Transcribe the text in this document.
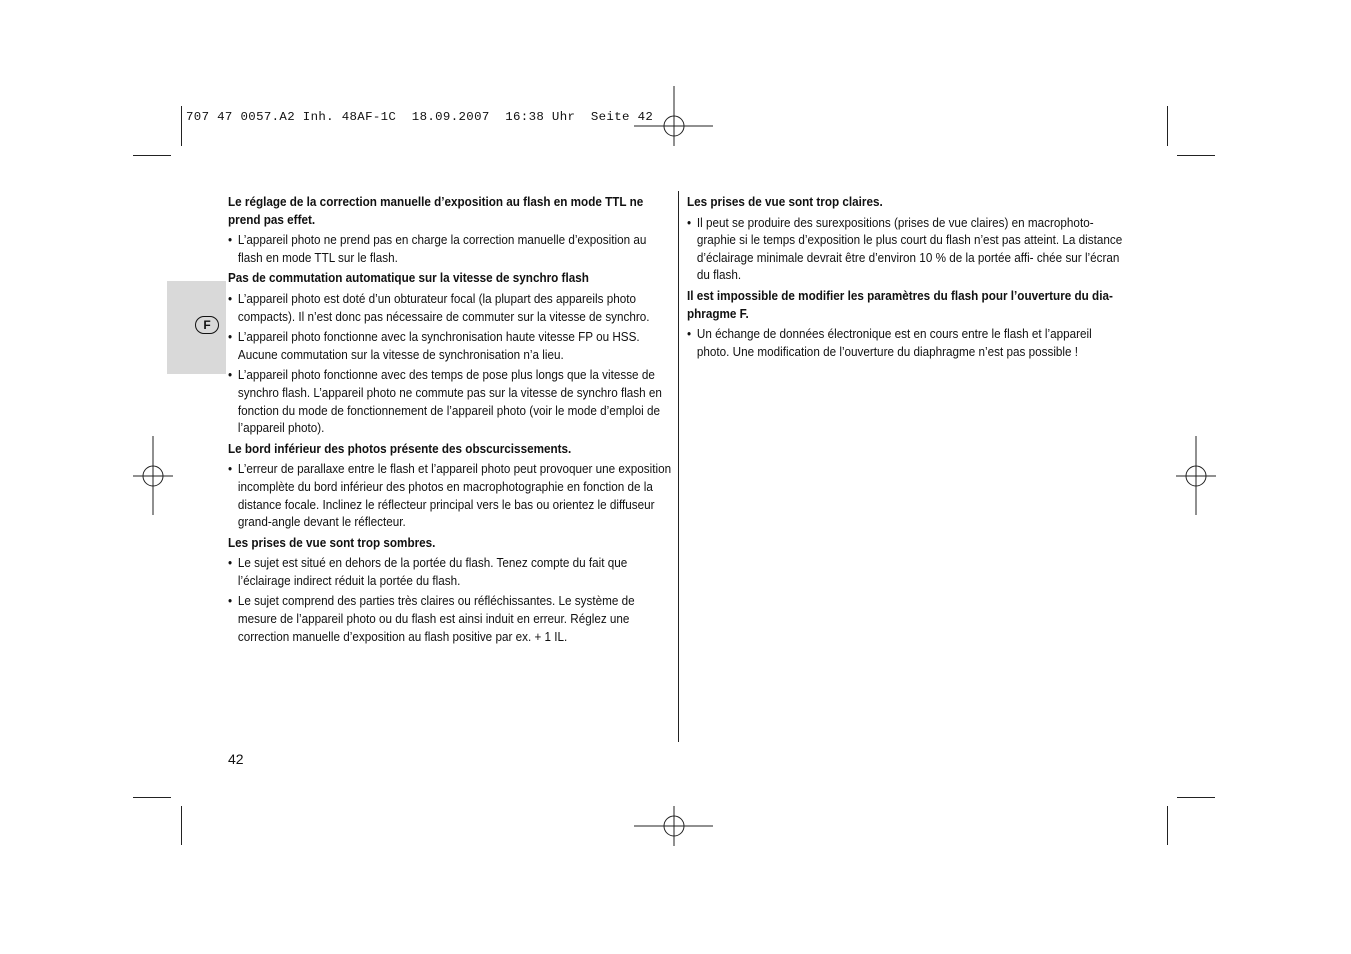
707 47 0057.A2 Inh. 48AF-1C  18.09.2007  16:38 Uhr  Seite 42
F

Le réglage de la correction manuelle d’exposition au flash en mode TTL ne prend pas effet.

• L’appareil photo ne prend pas en charge la correction manuelle d’exposition au flash en mode TTL sur le flash.

Pas de commutation automatique sur la vitesse de synchro flash

• L’appareil photo est doté d’un obturateur focal (la plupart des appareils photo compacts). Il n’est donc pas nécessaire de commuter sur la vitesse de synchro.

• L’appareil photo fonctionne avec la synchronisation haute vitesse FP ou HSS. Aucune commutation sur la vitesse de synchronisation n’a lieu.

• L’appareil photo fonctionne avec des temps de pose plus longs que la vitesse de synchro flash. L’appareil photo ne commute pas sur la vitesse de synchro flash en fonction du mode de fonctionnement de l’appareil photo (voir le mode d’emploi de l’appareil photo).

Le bord inférieur des photos présente des obscurcissements.

• L’erreur de parallaxe entre le flash et l’appareil photo peut provoquer une exposition incomplète du bord inférieur des photos en macrophotographie en fonction de la distance focale. Inclinez le réflecteur principal vers le bas ou orientez le diffuseur grand-angle devant le réflecteur.

Les prises de vue sont trop sombres.

• Le sujet est situé en dehors de la portée du flash. Tenez compte du fait que l’éclairage indirect réduit la portée du flash.

• Le sujet comprend des parties très claires ou réfléchissantes. Le système de mesure de l’appareil photo ou du flash est ainsi induit en erreur. Réglez une correction manuelle d’exposition au flash positive par ex. + 1 IL.

Les prises de vue sont trop claires.

• Il peut se produire des surexpositions (prises de vue claires) en macrophoto- graphie si le temps d’exposition le plus court du flash n’est pas atteint. La distance d’éclairage minimale devrait être d’environ 10 % de la portée affi- chée sur l’écran du flash.

Il est impossible de modifier les paramètres du flash pour l’ouverture du dia- phragme F.

• Un échange de données électronique est en cours entre le flash et l’appareil photo. Une modification de l’ouverture du diaphragme n’est pas possible !

42
